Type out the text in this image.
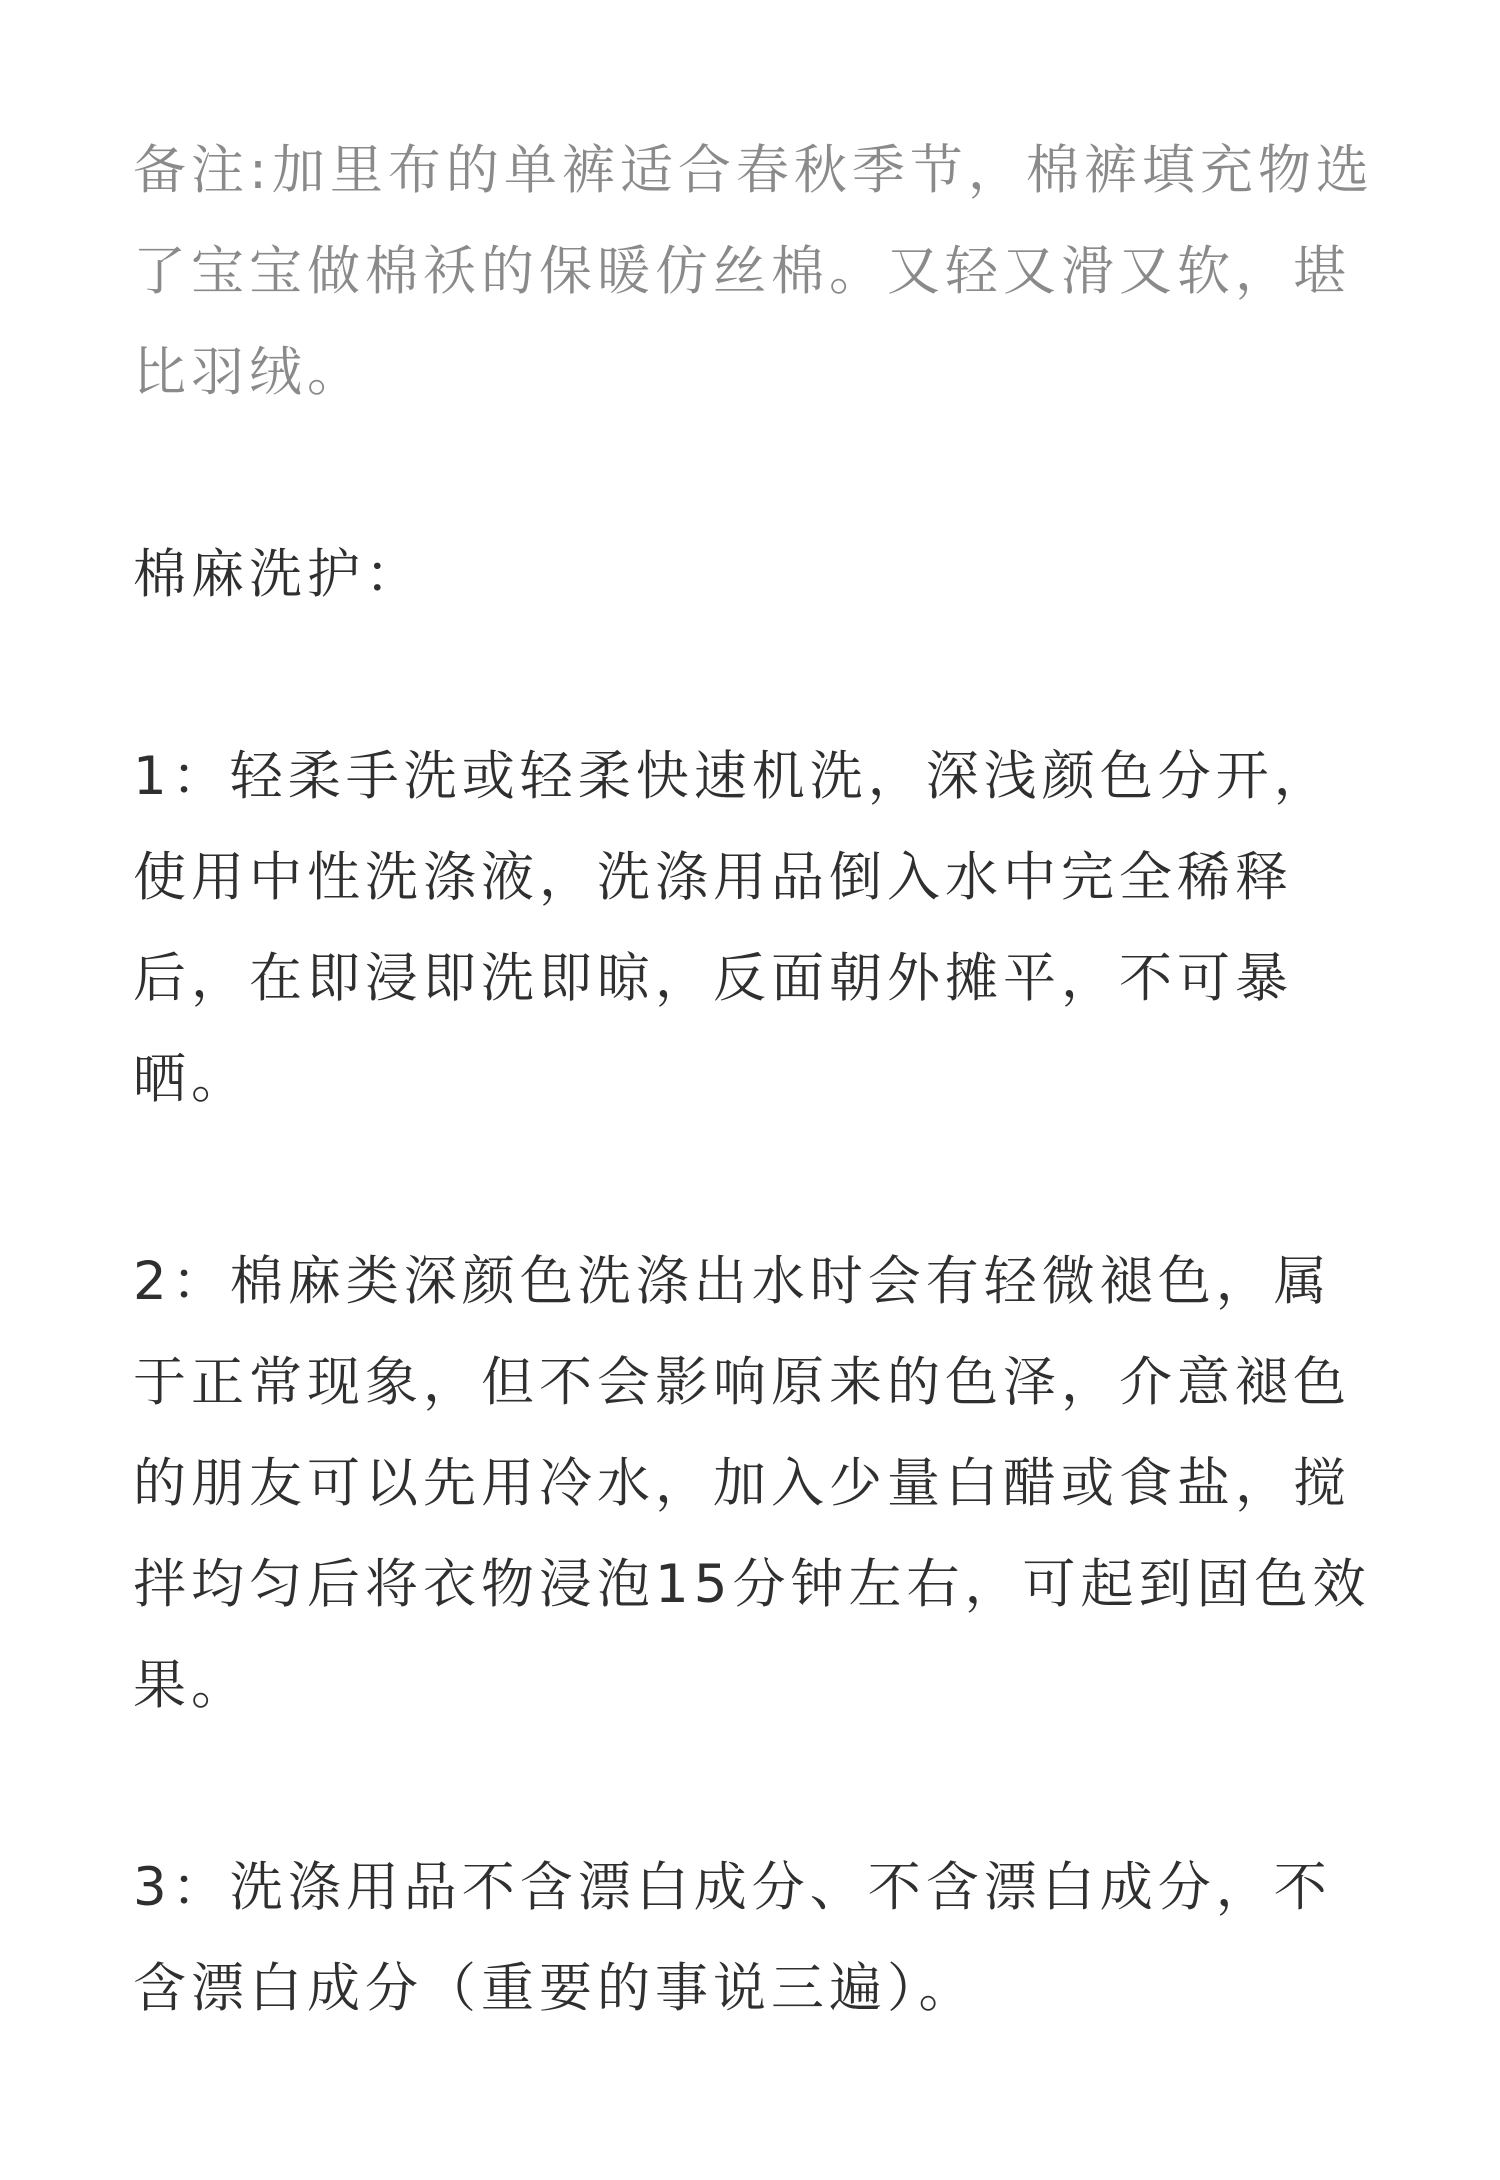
备注:加里布的单裤适合春秋季节，棉裤填充物选了宝宝做棉袄的保暖仿丝棉。又轻又滑又软，堪比羽绒。

棉麻洗护：

1：轻柔手洗或轻柔快速机洗，深浅颜色分开，使用中性洗涤液，洗涤用品倒入水中完全稀释后，在即浸即洗即晾，反面朝外摊平，不可暴晒。

2：棉麻类深颜色洗涤出水时会有轻微褪色，属于正常现象，但不会影响原来的色泽，介意褪色的朋友可以先用冷水，加入少量白醋或食盐，搅拌均匀后将衣物浸泡15分钟左右，可起到固色效果。

3：洗涤用品不含漂白成分、不含漂白成分，不含漂白成分（重要的事说三遍）。
